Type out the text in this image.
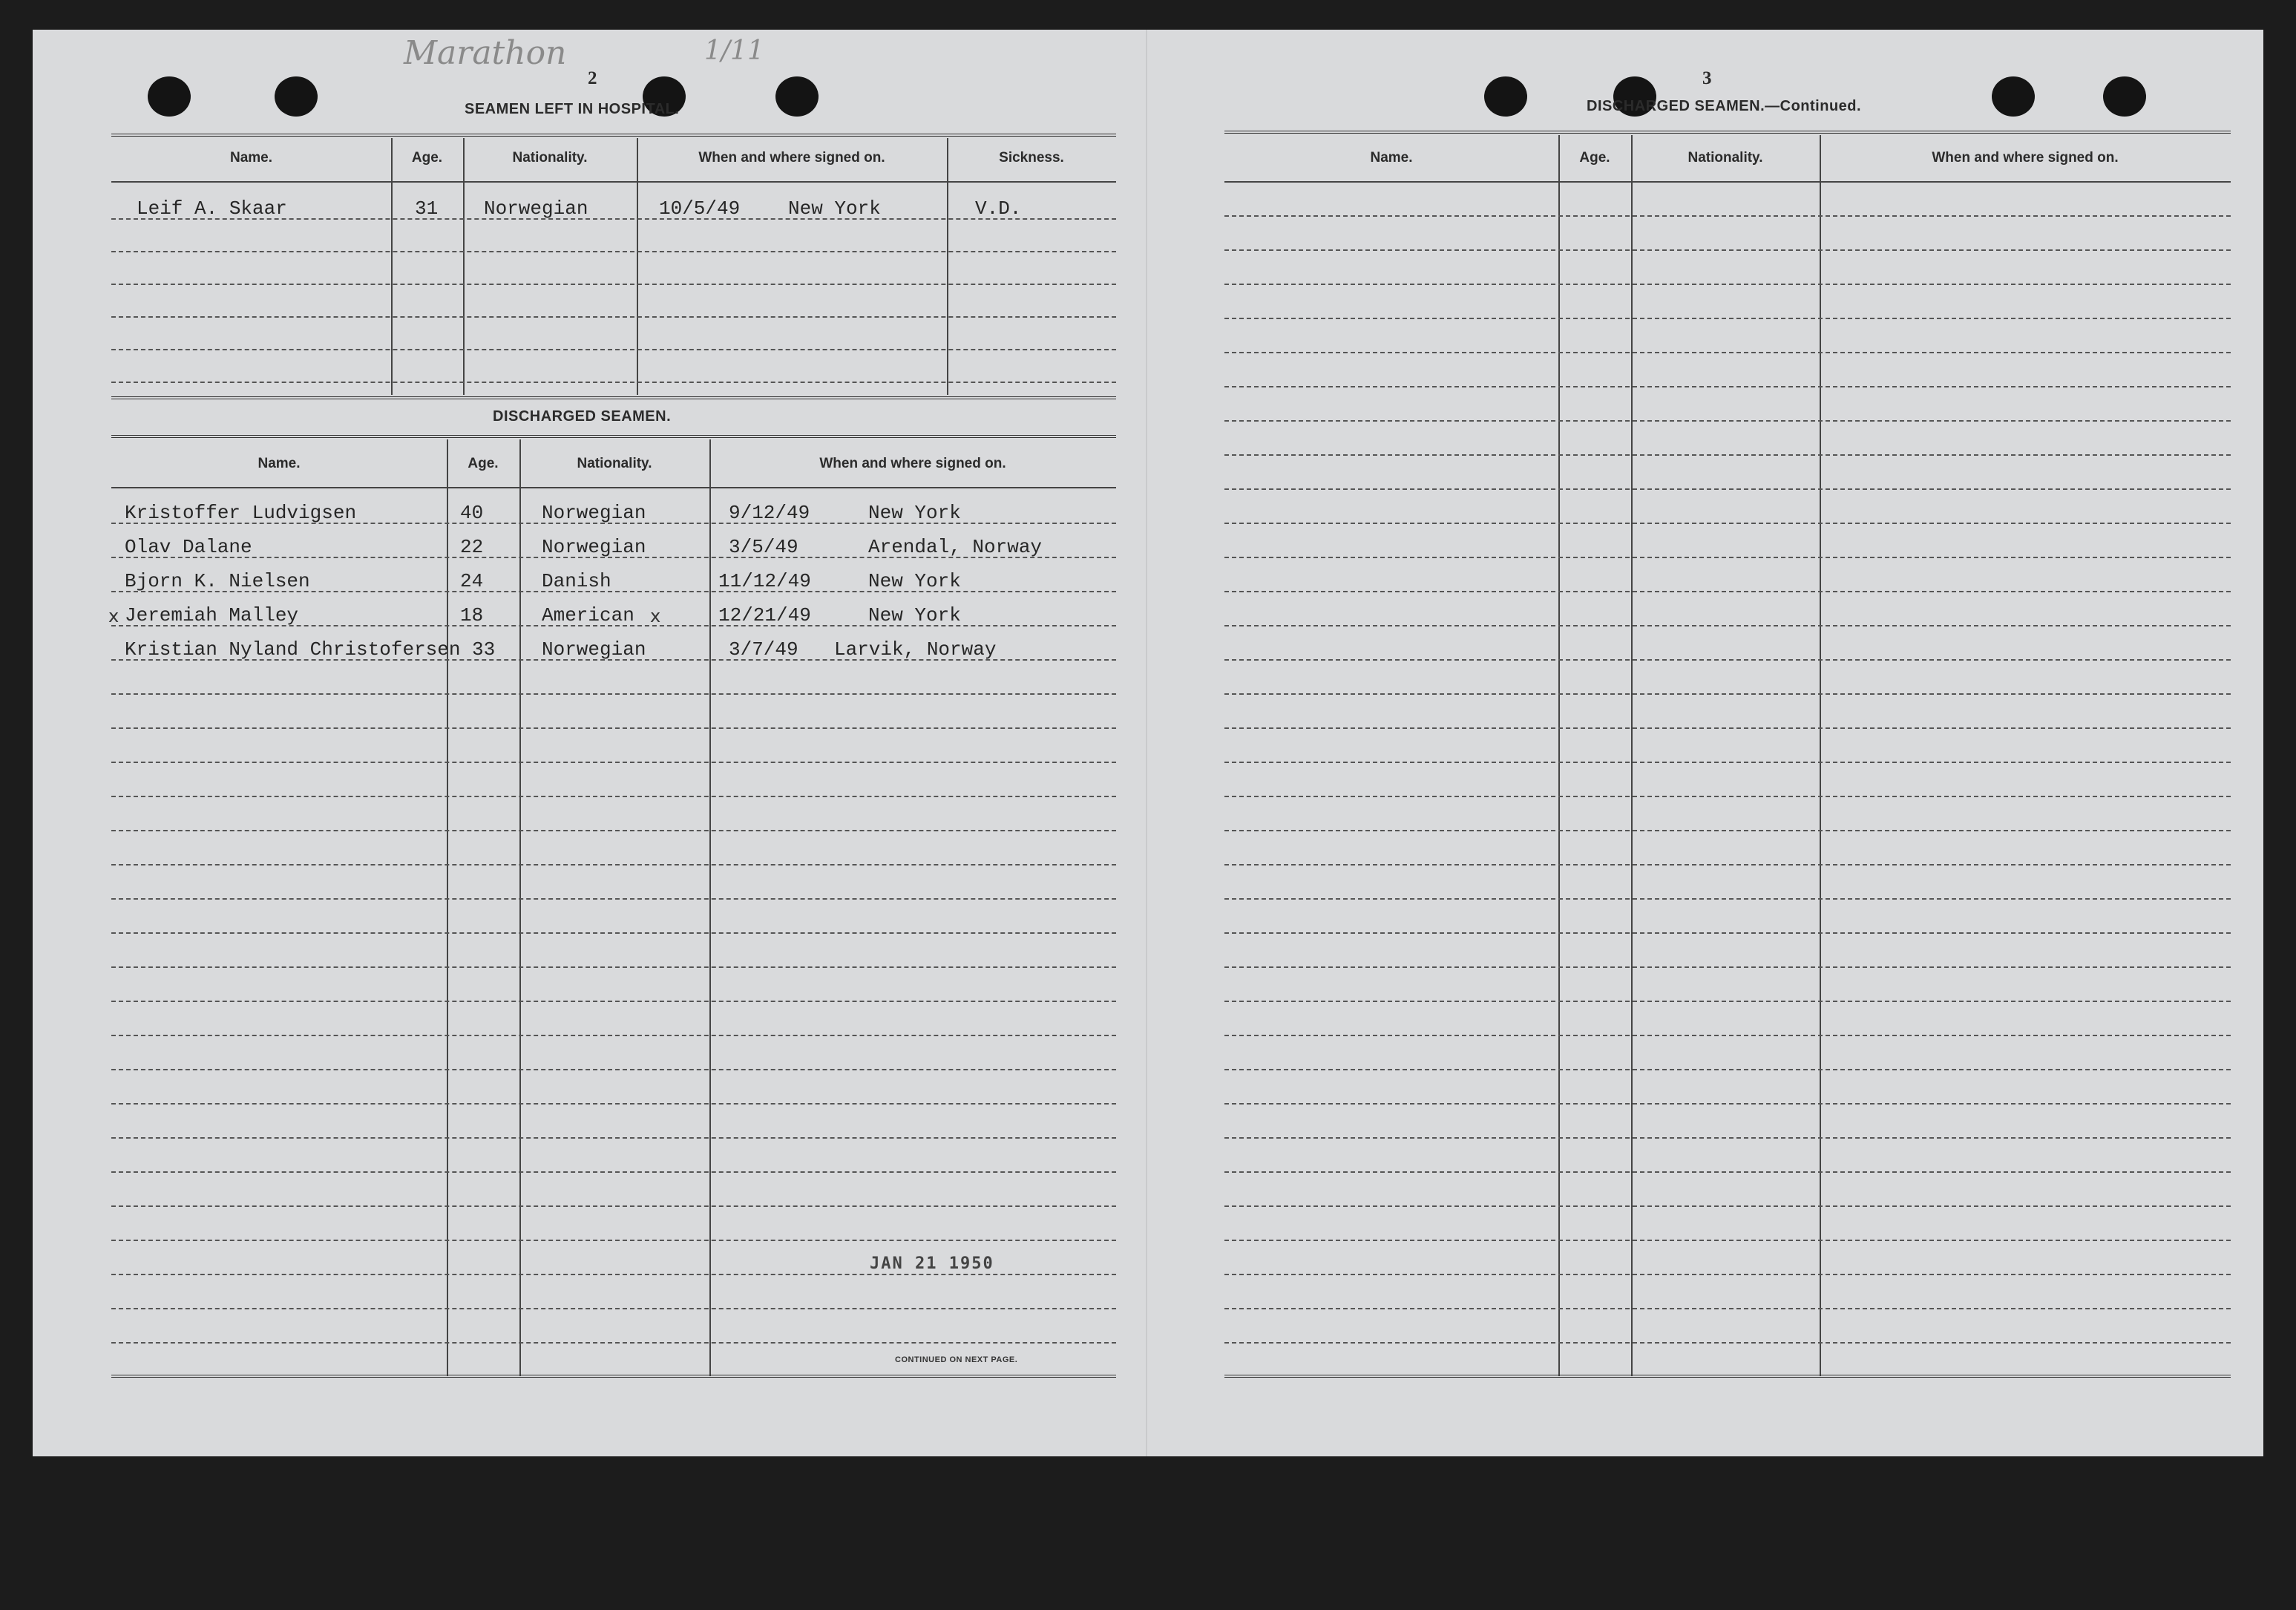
Marathon	1/11
2
SEAMEN LEFT IN HOSPITAL.
Name.	Age.	Nationality.	When and where signed on.	Sickness.
Leif A. Skaar	31 Norwegian	10/5/49 New York	V.D.
DISCHARGED SEAMEN.
Name.	Age.	Nationality.	When and where signed on.
Kristoffer Ludvigsen	40	Norwegian	9/12/49	New York
Olav Dalane	22	Norwegian	3/5/49	Arendal, Norway
Bjorn K. Nielsen	24	Danish	11/12/49	New York
x Jeremiah Malley	18	American x	12/21/49	New York
Kristian Nyland Christofersen 33 Norwegian	3/7/49 Larvik, Norway
JAN 21 1950
CONTINUED ON NEXT PAGE.
3
DISCHARGED SEAMEN.—Continued.
Name.	Age.	Nationality.	When and where signed on.
